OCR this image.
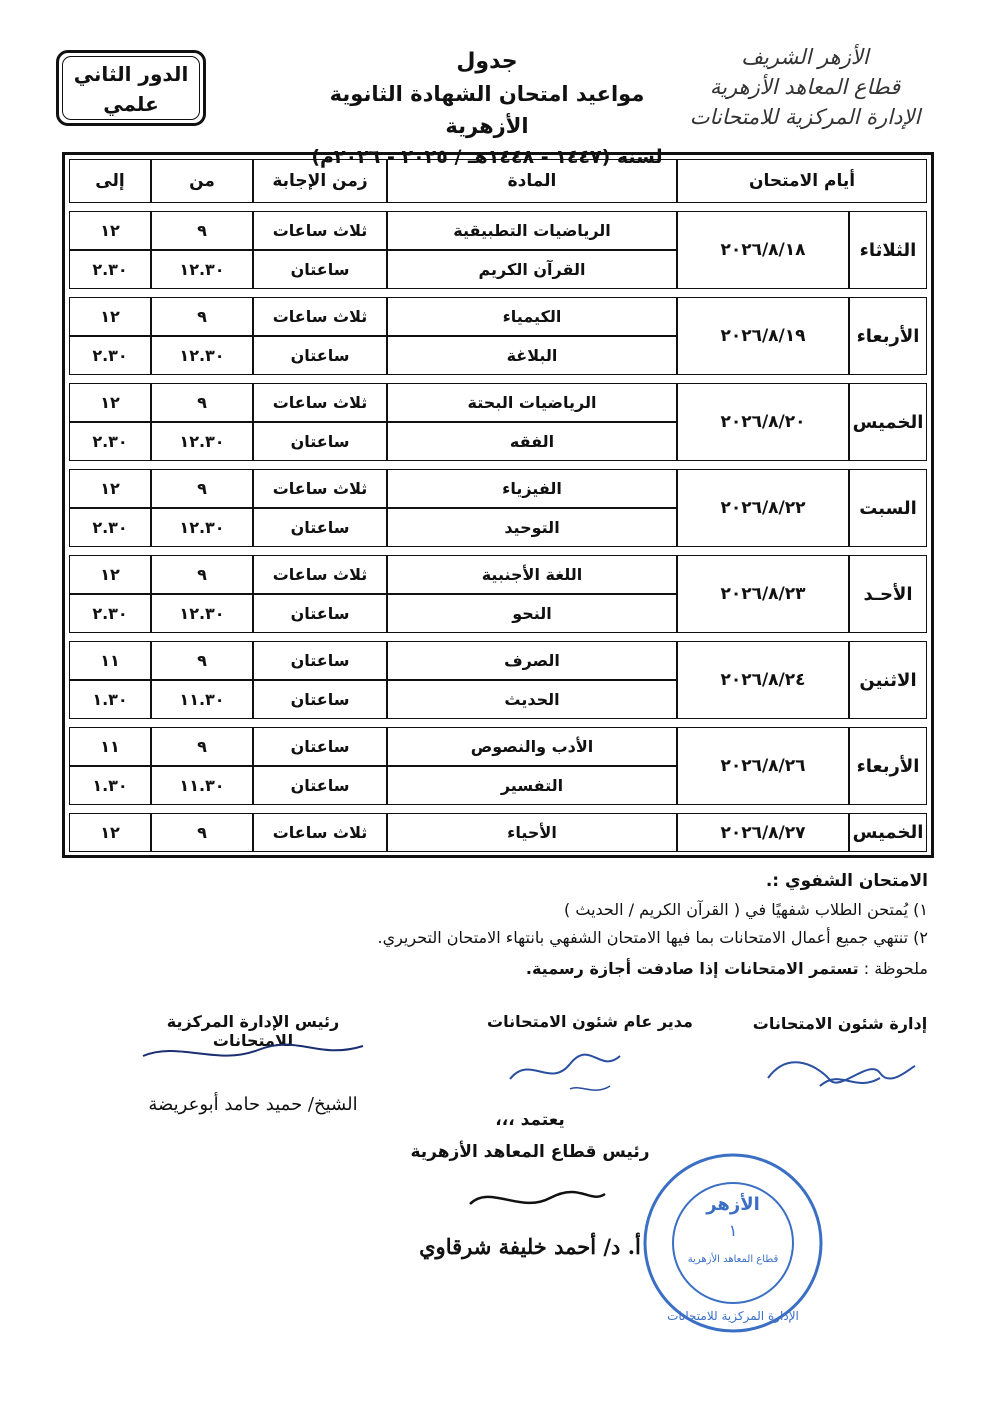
الأزهر الشريف
قطاع المعاهد الأزهرية
الإدارة المركزية للامتحانات
جدول
مواعيد امتحان الشهادة الثانوية الأزهرية
لسنة (١٤٤٧ - ١٤٤٨هـ / ٢٠٢٥ - ٢٠٢٦م)
الدور الثاني
علمي
أيام الامتحان		المادة	زمن الإجابة	من	إلى

الثلاثاء	٢٠٢٦/٨/١٨	الرياضيات التطبيقية	ثلاث ساعات	٩	١٢
		القرآن الكريم	ساعتان	١٢.٣٠	٢.٣٠

الأربعاء	٢٠٢٦/٨/١٩	الكيمياء	ثلاث ساعات	٩	١٢
		البلاغة	ساعتان	١٢.٣٠	٢.٣٠

الخميس	٢٠٢٦/٨/٢٠	الرياضيات البحتة	ثلاث ساعات	٩	١٢
		الفقه	ساعتان	١٢.٣٠	٢.٣٠

السبت	٢٠٢٦/٨/٢٢	الفيزياء	ثلاث ساعات	٩	١٢
		التوحيد	ساعتان	١٢.٣٠	٢.٣٠

الأحـد	٢٠٢٦/٨/٢٣	اللغة الأجنبية	ثلاث ساعات	٩	١٢
		النحو	ساعتان	١٢.٣٠	٢.٣٠

الاثنين	٢٠٢٦/٨/٢٤	الصرف	ساعتان	٩	١١
		الحديث	ساعتان	١١.٣٠	١.٣٠

الأربعاء	٢٠٢٦/٨/٢٦	الأدب والنصوص	ساعتان	٩	١١
		التفسير	ساعتان	١١.٣٠	١.٣٠

الخميس	٢٠٢٦/٨/٢٧	الأحياء	ثلاث ساعات	٩	١٢
الامتحان الشفوي :.
١) يُمتحن الطلاب شفهيًا في ( القرآن الكريم / الحديث )
٢) تنتهي جميع أعمال الامتحانات بما فيها الامتحان الشفهي بانتهاء الامتحان التحريري.
ملحوظة : تستمر الامتحانات إذا صادفت أجازة رسمية.
إدارة شئون الامتحانات
مدير عام شئون الامتحانات
رئيس الإدارة المركزية للامتحانات
الشيخ/ حميد حامد أبوعريضة
يعتمد ،،،
رئيس قطاع المعاهد الأزهرية
أ. د/ أحمد خليفة شرقاوي
الأزهر
١
قطاع المعاهد الأزهرية
الإدارة المركزية للامتحانات
